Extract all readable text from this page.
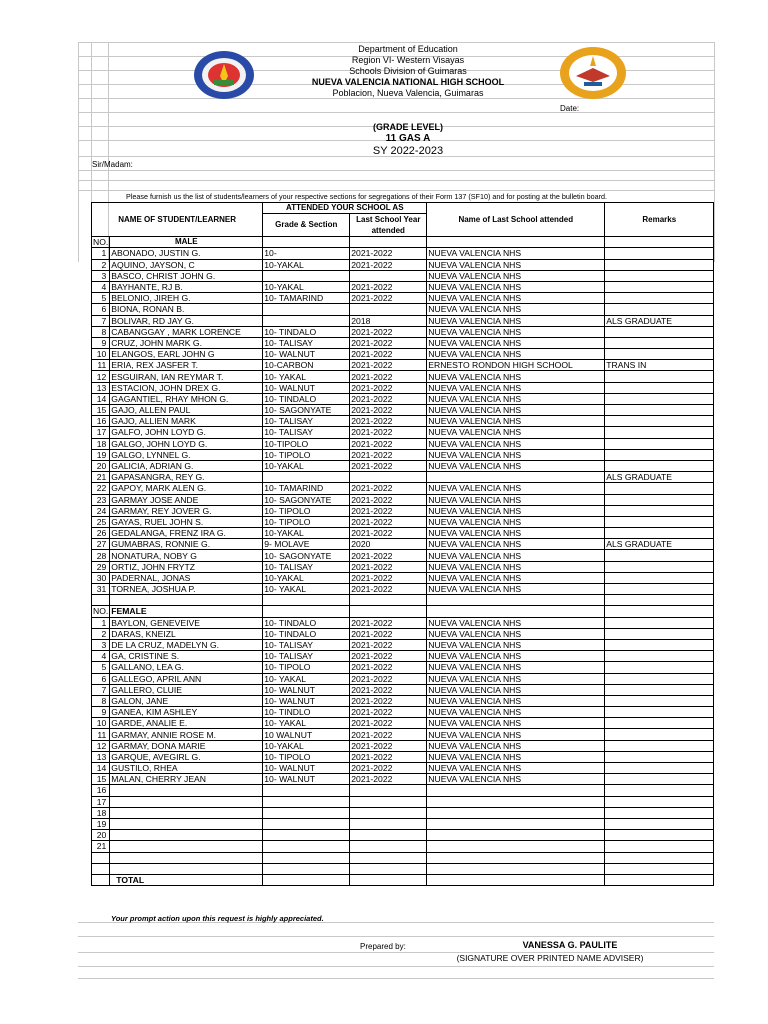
Department of Education
Region VI- Western Visayas
Schools Division of Guimaras
NUEVA VALENCIA NATIONAL HIGH SCHOOL
Poblacion, Nueva Valencia, Guimaras
Date:
(GRADE LEVEL)
11 GAS A
SY 2022-2023
Sir/Madam:
Please furnish us the list of students/learners of your respective sections for segregations of their Form 137 (SF10) and for posting at the bulletin board.
NAME OF STUDENT/LEARNER		ATTENDED YOUR SCHOOL AS		Name of Last School attended	Remarks
		Grade & Section	Last School Year attended		

NO.	MALE				
1	ABONADO, JUSTIN G.	10-	2021-2022	NUEVA VALENCIA NHS	
2	AQUINO, JAYSON, C	10-YAKAL	2021-2022	NUEVA VALENCIA NHS	
3	BASCO, CHRIST JOHN G.			NUEVA VALENCIA NHS	
4	BAYHANTE, RJ B.	10-YAKAL	2021-2022	NUEVA VALENCIA NHS	
5	BELONIO, JIREH G.	10- TAMARIND	2021-2022	NUEVA VALENCIA NHS	
6	BIONA, RONAN B.			NUEVA VALENCIA NHS	
7	BOLIVAR, RD JAY G.		2018	NUEVA VALENCIA NHS	ALS GRADUATE
8	CABANGGAY , MARK LORENCE	10- TINDALO	2021-2022	NUEVA VALENCIA NHS	
9	CRUZ, JOHN MARK G.	10- TALISAY	2021-2022	NUEVA VALENCIA NHS	
10	ELANGOS, EARL JOHN G	10- WALNUT	2021-2022	NUEVA VALENCIA NHS	
11	ERIA, REX JASFER T.	10-CARBON	2021-2022	ERNESTO RONDON HIGH SCHOOL	TRANS IN
12	ESGUIRAN, IAN REYMAR T.	10- YAKAL	2021-2022	NUEVA VALENCIA NHS	
13	ESTACION, JOHN DREX G.	10- WALNUT	2021-2022	NUEVA VALENCIA NHS	
14	GAGANTIEL, RHAY MHON G.	10- TINDALO	2021-2022	NUEVA VALENCIA NHS	
15	GAJO, ALLEN PAUL	10- SAGONYATE	2021-2022	NUEVA VALENCIA NHS	
16	GAJO, ALLIEN MARK	10- TALISAY	2021-2022	NUEVA VALENCIA NHS	
17	GALFO, JOHN LOYD G.	10- TALISAY	2021-2022	NUEVA VALENCIA NHS	
18	GALGO, JOHN LOYD G.	10-TIPOLO	2021-2022	NUEVA VALENCIA NHS	
19	GALGO, LYNNEL G.	10- TIPOLO	2021-2022	NUEVA VALENCIA NHS	
20	GALICIA, ADRIAN G.	10-YAKAL	2021-2022	NUEVA VALENCIA NHS	
21	GAPASANGRA, REY G.				ALS GRADUATE
22	GAPOY, MARK ALEN G.	10- TAMARIND	2021-2022	NUEVA VALENCIA NHS	
23	GARMAY JOSE ANDE	10- SAGONYATE	2021-2022	NUEVA VALENCIA NHS	
24	GARMAY, REY JOVER G.	10- TIPOLO	2021-2022	NUEVA VALENCIA NHS	
25	GAYAS, RUEL JOHN S.	10- TIPOLO	2021-2022	NUEVA VALENCIA NHS	
26	GEDALANGA, FRENZ IRA G.	10-YAKAL	2021-2022	NUEVA VALENCIA NHS	
27	GUMABRAS, RONNIE G.	9- MOLAVE	2020	NUEVA VALENCIA NHS	ALS GRADUATE
28	NONATURA, NOBY G	10- SAGONYATE	2021-2022	NUEVA VALENCIA NHS	
29	ORTIZ, JOHN FRYTZ	10- TALISAY	2021-2022	NUEVA VALENCIA NHS	
30	PADERNAL, JONAS	10-YAKAL	2021-2022	NUEVA VALENCIA NHS	
31	TORNEA, JOSHUA P.	10- YAKAL	2021-2022	NUEVA VALENCIA NHS	

NO.	FEMALE				
1	BAYLON, GENEVEIVE	10- TINDALO	2021-2022	NUEVA VALENCIA NHS	
2	DARAS, KNEIZL	10- TINDALO	2021-2022	NUEVA VALENCIA NHS	
3	DE LA CRUZ, MADELYN G.	10- TALISAY	2021-2022	NUEVA VALENCIA NHS	
4	GA, CRISTINE S.	10- TALISAY	2021-2022	NUEVA VALENCIA NHS	
5	GALLANO, LEA G.	10- TIPOLO	2021-2022	NUEVA VALENCIA NHS	
6	GALLEGO, APRIL ANN	10- YAKAL	2021-2022	NUEVA VALENCIA NHS	
7	GALLERO, CLUIE	10- WALNUT	2021-2022	NUEVA VALENCIA NHS	
8	GALON, JANE	10- WALNUT	2021-2022	NUEVA VALENCIA NHS	
9	GANEA, KIM ASHLEY	10- TINDLO	2021-2022	NUEVA VALENCIA NHS	
10	GARDE, ANALIE E.	10- YAKAL	2021-2022	NUEVA VALENCIA NHS	
11	GARMAY, ANNIE ROSE M.	10 WALNUT	2021-2022	NUEVA VALENCIA NHS	
12	GARMAY, DONA MARIE	10-YAKAL	2021-2022	NUEVA VALENCIA NHS	
13	GARQUE, AVEGIRL G.	10- TIPOLO	2021-2022	NUEVA VALENCIA NHS	
14	GUSTILO, RHEA	10- WALNUT	2021-2022	NUEVA VALENCIA NHS	
15	MALAN, CHERRY JEAN	10- WALNUT	2021-2022	NUEVA VALENCIA NHS	
16					
17					
18					
19					
20					
21					

	TOTAL				
Your prompt action upon this request is highly appreciated.
Prepared by:	VANESSA G. PAULITE
(SIGNATURE OVER PRINTED NAME ADVISER)
